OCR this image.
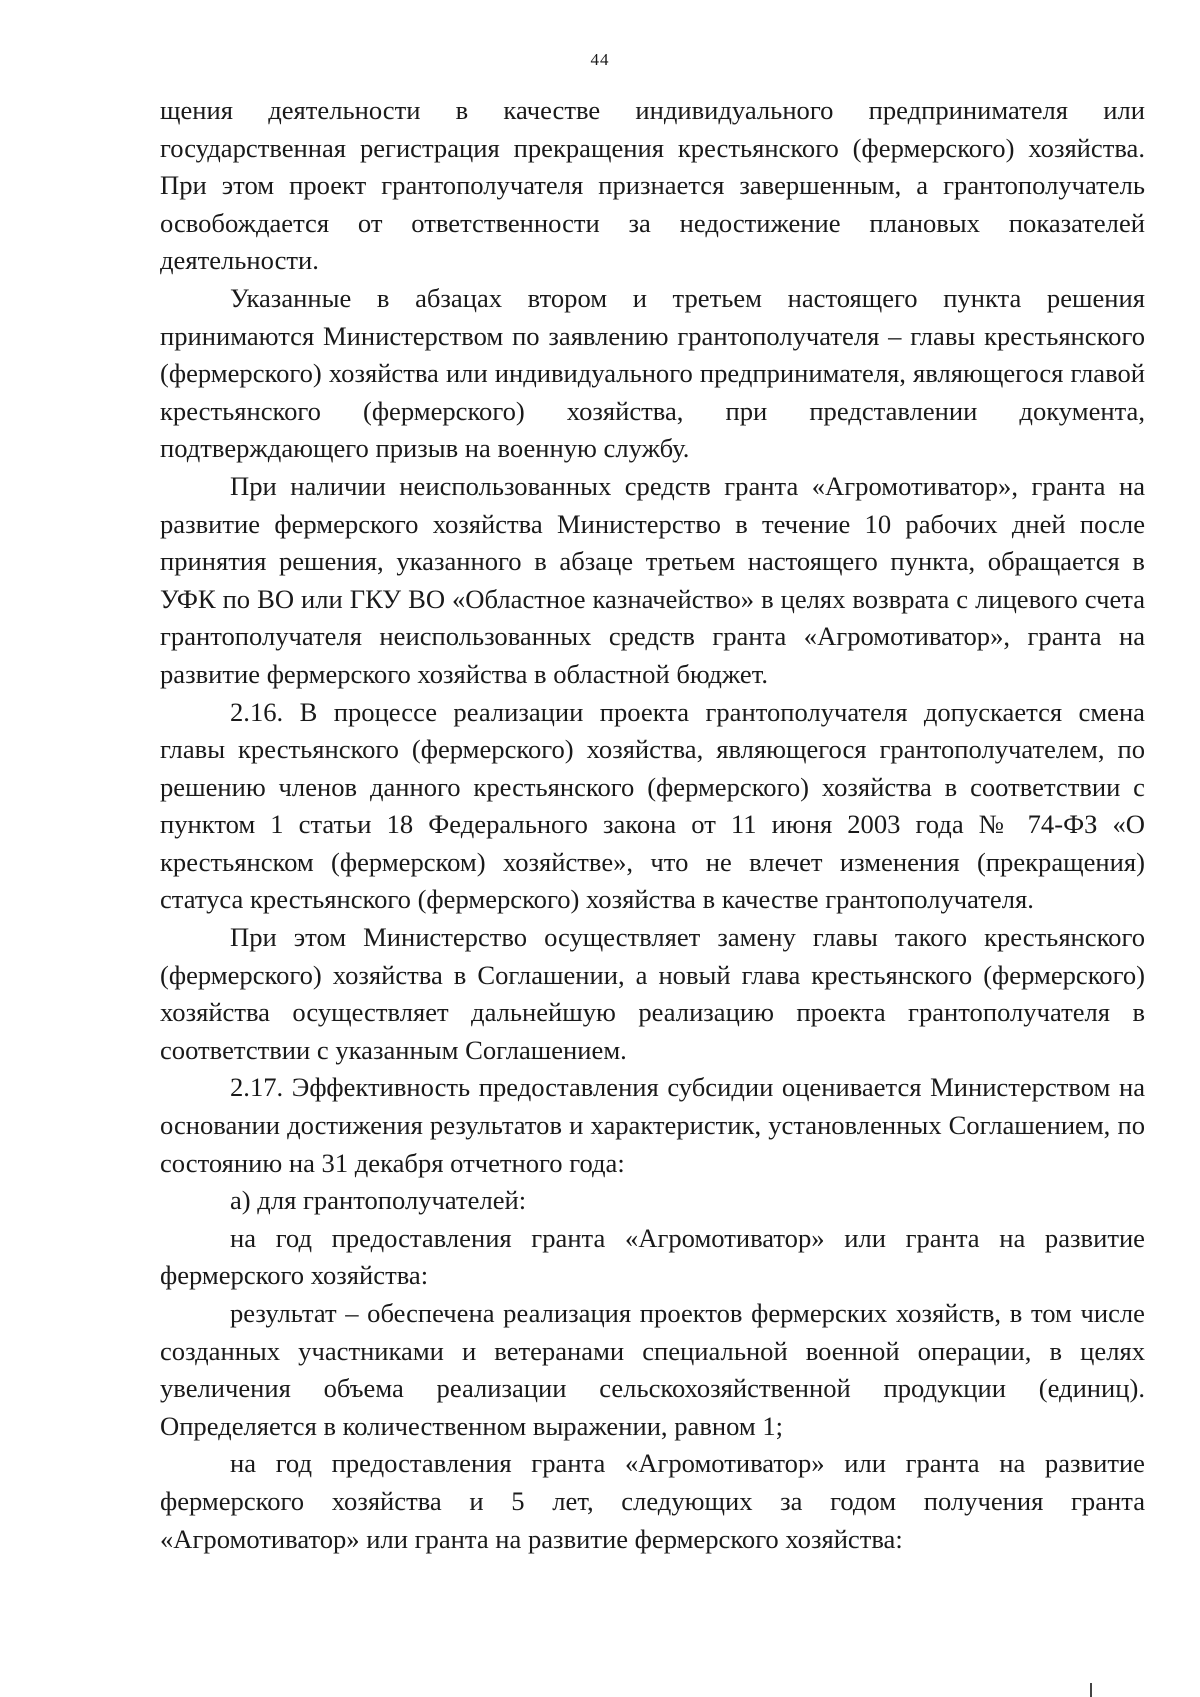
44

щения деятельности в качестве индивидуального предпринимателя или государственная регистрация прекращения крестьянского (фермерского) хозяйства. При этом проект грантополучателя признается завершенным, а грантополучатель освобождается от ответственности за недостижение плановых показателей деятельности.

Указанные в абзацах втором и третьем настоящего пункта решения принимаются Министерством по заявлению грантополучателя – главы крестьянского (фермерского) хозяйства или индивидуального предпринимателя, являющегося главой крестьянского (фермерского) хозяйства, при представлении документа, подтверждающего призыв на военную службу.

При наличии неиспользованных средств гранта «Агромотиватор», гранта на развитие фермерского хозяйства Министерство в течение 10 рабочих дней после принятия решения, указанного в абзаце третьем настоящего пункта, обращается в УФК по ВО или ГКУ ВО «Областное казначейство» в целях возврата с лицевого счета грантополучателя неиспользованных средств гранта «Агромотиватор», гранта на развитие фермерского хозяйства в областной бюджет.

2.16. В процессе реализации проекта грантополучателя допускается смена главы крестьянского (фермерского) хозяйства, являющегося грантополучателем, по решению членов данного крестьянского (фермерского) хозяйства в соответствии с пунктом 1 статьи 18 Федерального закона от 11 июня 2003 года № 74-ФЗ «О крестьянском (фермерском) хозяйстве», что не влечет изменения (прекращения) статуса крестьянского (фермерского) хозяйства в качестве грантополучателя.

При этом Министерство осуществляет замену главы такого крестьянского (фермерского) хозяйства в Соглашении, а новый глава крестьянского (фермерского) хозяйства осуществляет дальнейшую реализацию проекта грантополучателя в соответствии с указанным Соглашением.

2.17. Эффективность предоставления субсидии оценивается Министерством на основании достижения результатов и характеристик, установленных Соглашением, по состоянию на 31 декабря отчетного года:

а) для грантополучателей:

на год предоставления гранта «Агромотиватор» или гранта на развитие фермерского хозяйства:

результат – обеспечена реализация проектов фермерских хозяйств, в том числе созданных участниками и ветеранами специальной военной операции, в целях увеличения объема реализации сельскохозяйственной продукции (единиц). Определяется в количественном выражении, равном 1;

на год предоставления гранта «Агромотиватор» или гранта на развитие фермерского хозяйства и 5 лет, следующих за годом получения гранта «Агромотиватор» или гранта на развитие фермерского хозяйства:
